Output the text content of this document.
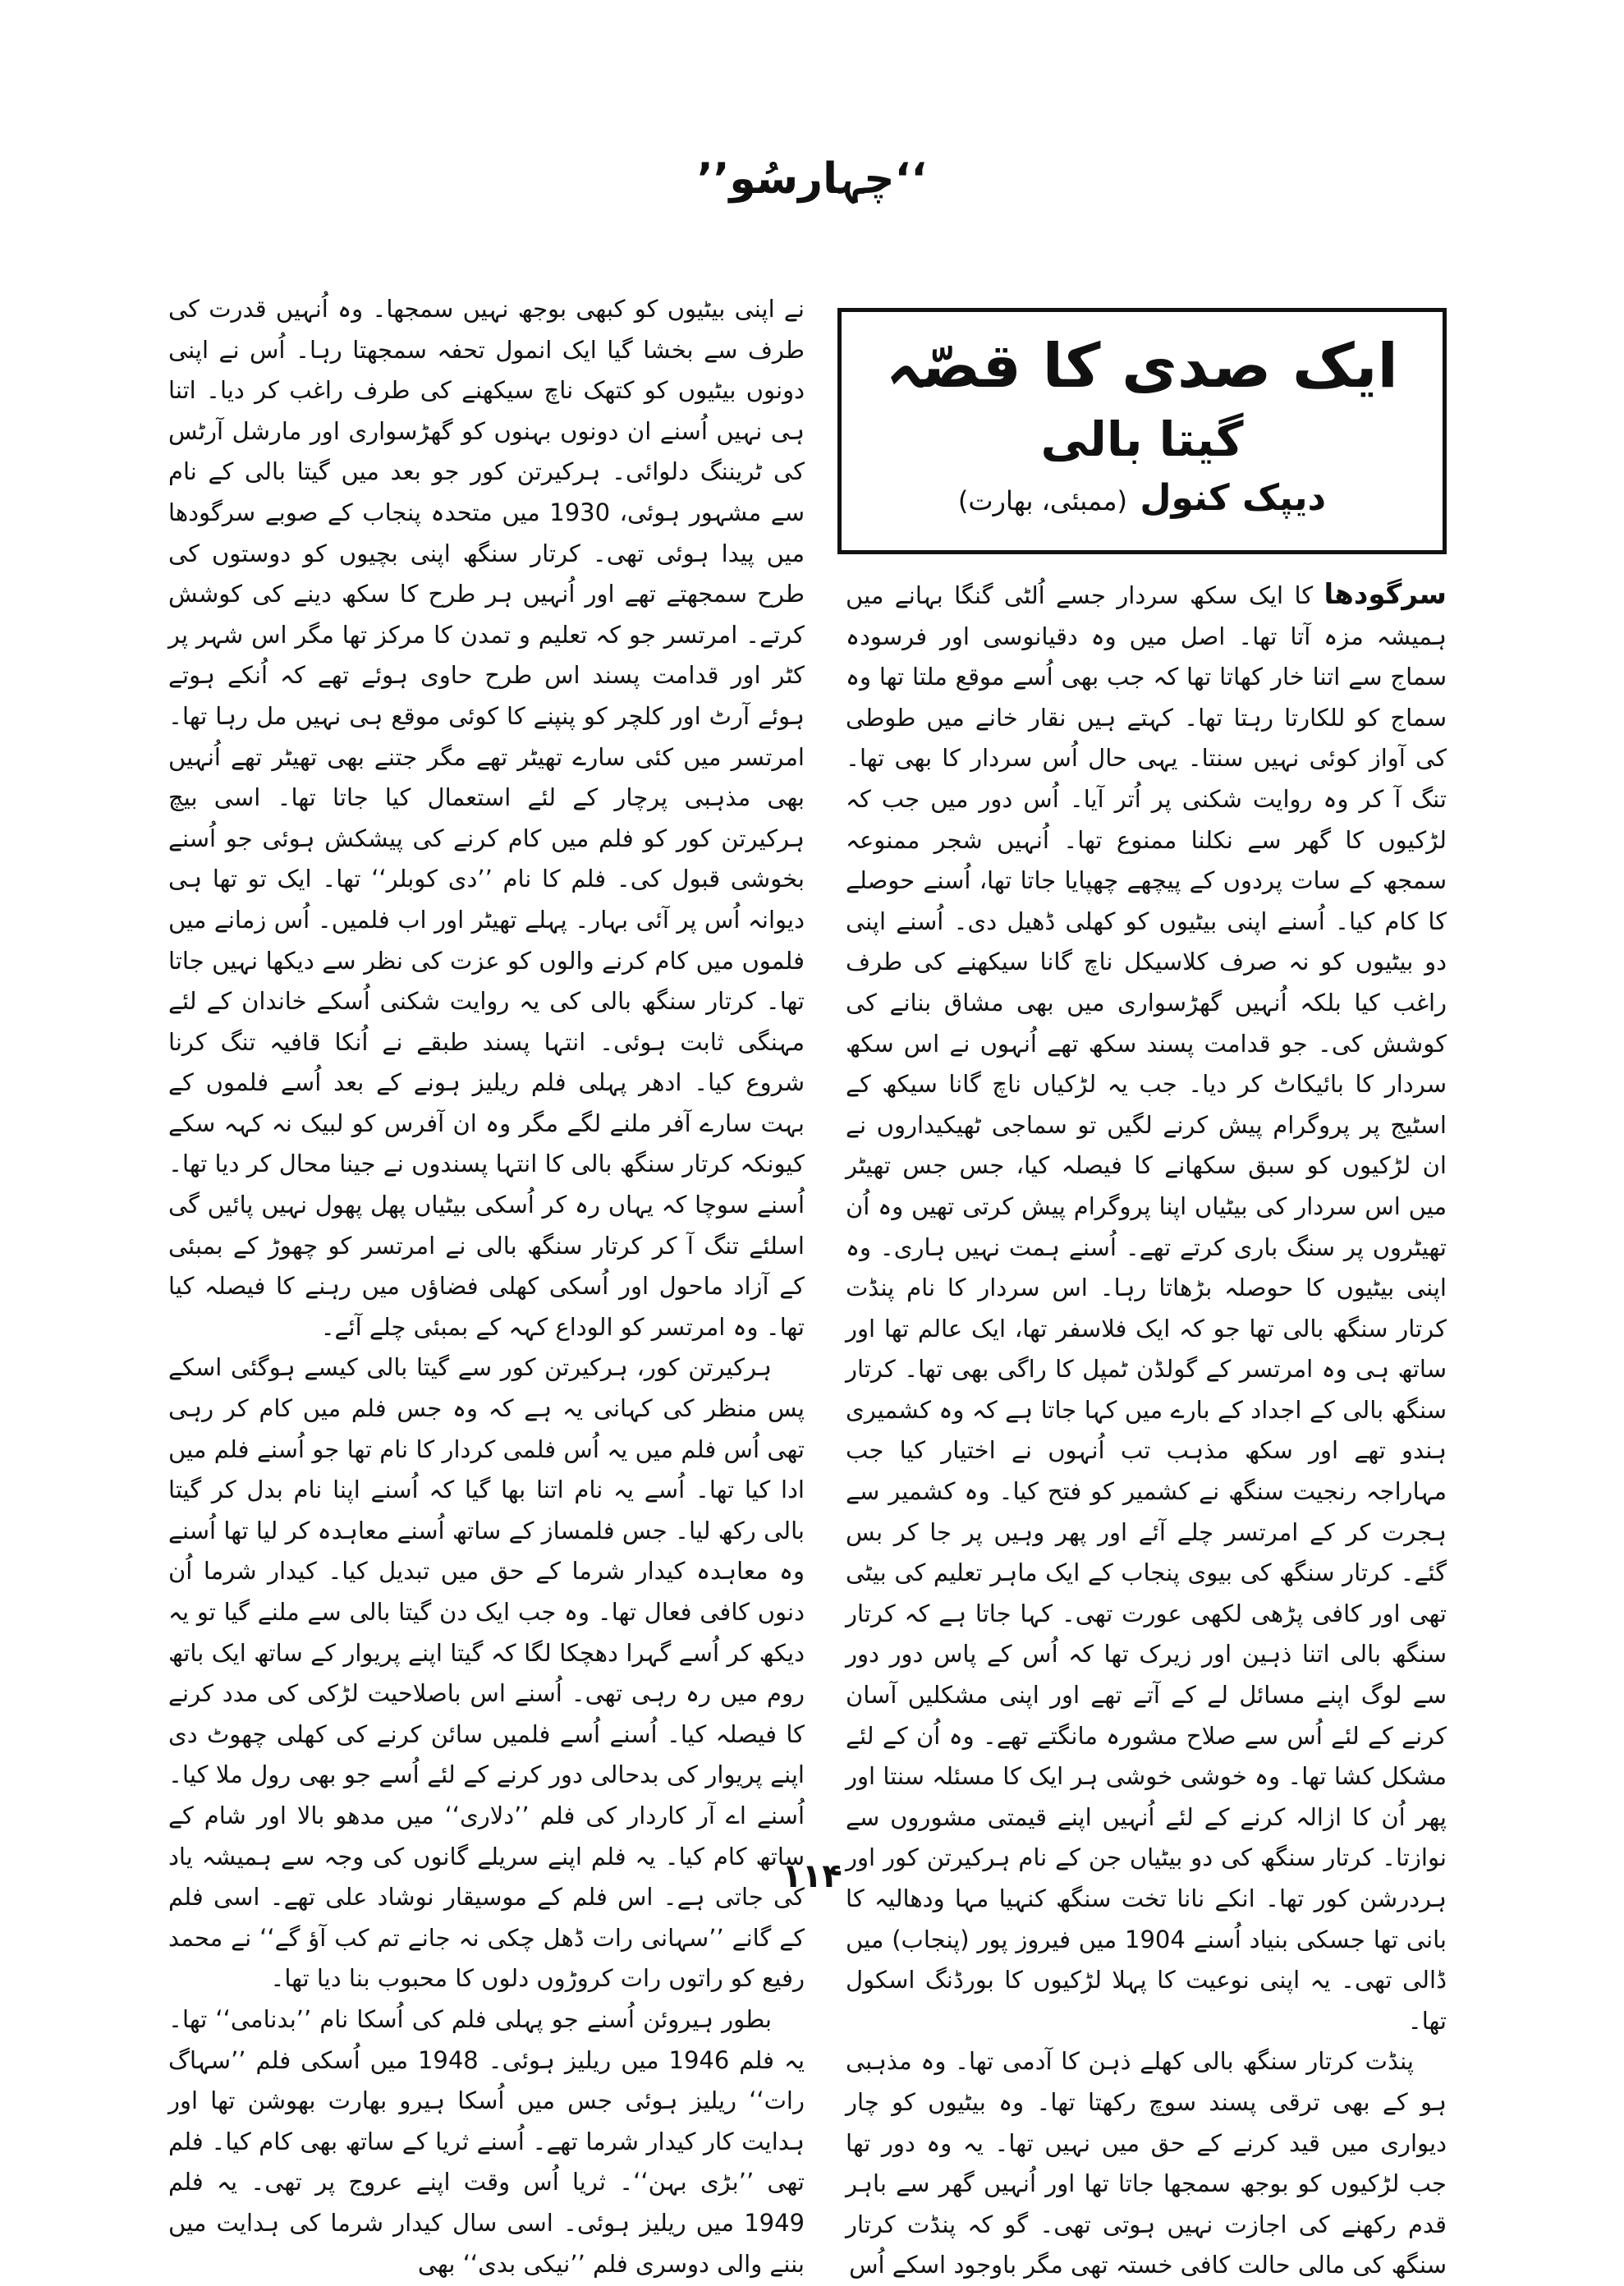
’’چہارسُو‘‘
ایک صدی کا قصّہ
گیتا بالی
دیپک کنول (ممبئی، بھارت)

سرگودھا کا ایک سکھ سردار جسے اُلٹی گنگا بہانے میں ہمیشہ مزہ آتا تھا۔ اصل میں وہ دقیانوسی اور فرسودہ سماج سے اتنا خار کھاتا تھا کہ جب بھی اُسے موقع ملتا تھا وہ سماج کو للکارتا رہتا تھا۔ کہتے ہیں نقار خانے میں طوطی کی آواز کوئی نہیں سنتا۔ یہی حال اُس سردار کا بھی تھا۔ تنگ آ کر وہ روایت شکنی پر اُتر آیا۔ اُس دور میں جب کہ لڑکیوں کا گھر سے نکلنا ممنوع تھا۔ اُنہیں شجر ممنوعہ سمجھ کے سات پردوں کے پیچھے چھپایا جاتا تھا، اُسنے حوصلے کا کام کیا۔ اُسنے اپنی بیٹیوں کو کھلی ڈھیل دی۔ اُسنے اپنی دو بیٹیوں کو نہ صرف کلاسیکل ناچ گانا سیکھنے کی طرف راغب کیا بلکہ اُنہیں گھڑسواری میں بھی مشاق بنانے کی کوشش کی۔ جو قدامت پسند سکھ تھے اُنہوں نے اس سکھ سردار کا بائیکاٹ کر دیا۔ جب یہ لڑکیاں ناچ گانا سیکھ کے اسٹیج پر پروگرام پیش کرنے لگیں تو سماجی ٹھیکیداروں نے ان لڑکیوں کو سبق سکھانے کا فیصلہ کیا، جس جس تھیٹر میں اس سردار کی بیٹیاں اپنا پروگرام پیش کرتی تھیں وہ اُن تھیٹروں پر سنگ باری کرتے تھے۔ اُسنے ہمت نہیں ہاری۔ وہ اپنی بیٹیوں کا حوصلہ بڑھاتا رہا۔ اس سردار کا نام پنڈت کرتار سنگھ بالی تھا جو کہ ایک فلاسفر تھا، ایک عالم تھا اور ساتھ ہی وہ امرتسر کے گولڈن ٹمپل کا راگی بھی تھا۔ کرتار سنگھ بالی کے اجداد کے بارے میں کہا جاتا ہے کہ وہ کشمیری ہندو تھے اور سکھ مذہب تب اُنہوں نے اختیار کیا جب مہاراجہ رنجیت سنگھ نے کشمیر کو فتح کیا۔ وہ کشمیر سے ہجرت کر کے امرتسر چلے آئے اور پھر وہیں پر جا کر بس گئے۔ کرتار سنگھ کی بیوی پنجاب کے ایک ماہر تعلیم کی بیٹی تھی اور کافی پڑھی لکھی عورت تھی۔ کہا جاتا ہے کہ کرتار سنگھ بالی اتنا ذہین اور زیرک تھا کہ اُس کے پاس دور دور سے لوگ اپنے مسائل لے کے آتے تھے اور اپنی مشکلیں آسان کرنے کے لئے اُس سے صلاح مشورہ مانگتے تھے۔ وہ اُن کے لئے مشکل کشا تھا۔ وہ خوشی خوشی ہر ایک کا مسئلہ سنتا اور پھر اُن کا ازالہ کرنے کے لئے اُنہیں اپنے قیمتی مشوروں سے نوازتا۔ کرتار سنگھ کی دو بیٹیاں جن کے نام ہرکیرتن کور اور ہردرشن کور تھا۔ انکے نانا تخت سنگھ کنہیا مہا ودھالیہ کا بانی تھا جسکی بنیاد اُسنے 1904 میں فیروز پور (پنجاب) میں ڈالی تھی۔ یہ اپنی نوعیت کا پہلا لڑکیوں کا بورڈنگ اسکول تھا۔

پنڈت کرتار سنگھ بالی کھلے ذہن کا آدمی تھا۔ وہ مذہبی ہو کے بھی ترقی پسند سوچ رکھتا تھا۔ وہ بیٹیوں کو چار دیواری میں قید کرنے کے حق میں نہیں تھا۔ یہ وہ دور تھا جب لڑکیوں کو بوجھ سمجھا جاتا تھا اور اُنہیں گھر سے باہر قدم رکھنے کی اجازت نہیں ہوتی تھی۔ گو کہ پنڈت کرتار سنگھ کی مالی حالت کافی خستہ تھی مگر باوجود اسکے اُس

نے اپنی بیٹیوں کو کبھی بوجھ نہیں سمجھا۔ وہ اُنہیں قدرت کی طرف سے بخشا گیا ایک انمول تحفہ سمجھتا رہا۔ اُس نے اپنی دونوں بیٹیوں کو کتھک ناچ سیکھنے کی طرف راغب کر دیا۔ اتنا ہی نہیں اُسنے ان دونوں بہنوں کو گھڑسواری اور مارشل آرٹس کی ٹریننگ دلوائی۔ ہرکیرتن کور جو بعد میں گیتا بالی کے نام سے مشہور ہوئی، 1930 میں متحدہ پنجاب کے صوبے سرگودھا میں پیدا ہوئی تھی۔ کرتار سنگھ اپنی بچیوں کو دوستوں کی طرح سمجھتے تھے اور اُنہیں ہر طرح کا سکھ دینے کی کوشش کرتے۔ امرتسر جو کہ تعلیم و تمدن کا مرکز تھا مگر اس شہر پر کٹر اور قدامت پسند اس طرح حاوی ہوئے تھے کہ اُنکے ہوتے ہوئے آرٹ اور کلچر کو پنپنے کا کوئی موقع ہی نہیں مل رہا تھا۔ امرتسر میں کئی سارے تھیٹر تھے مگر جتنے بھی تھیٹر تھے اُنہیں بھی مذہبی پرچار کے لئے استعمال کیا جاتا تھا۔ اسی بیچ ہرکیرتن کور کو فلم میں کام کرنے کی پیشکش ہوئی جو اُسنے بخوشی قبول کی۔ فلم کا نام ’’دی کوبلر‘‘ تھا۔ ایک تو تھا ہی دیوانہ اُس پر آئی بہار۔ پہلے تھیٹر اور اب فلمیں۔ اُس زمانے میں فلموں میں کام کرنے والوں کو عزت کی نظر سے دیکھا نہیں جاتا تھا۔ کرتار سنگھ بالی کی یہ روایت شکنی اُسکے خاندان کے لئے مہنگی ثابت ہوئی۔ انتہا پسند طبقے نے اُنکا قافیہ تنگ کرنا شروع کیا۔ ادھر پہلی فلم ریلیز ہونے کے بعد اُسے فلموں کے بہت سارے آفر ملنے لگے مگر وہ ان آفرس کو لبیک نہ کہہ سکے کیونکہ کرتار سنگھ بالی کا انتہا پسندوں نے جینا محال کر دیا تھا۔ اُسنے سوچا کہ یہاں رہ کر اُسکی بیٹیاں پھل پھول نہیں پائیں گی اسلئے تنگ آ کر کرتار سنگھ بالی نے امرتسر کو چھوڑ کے بمبئی کے آزاد ماحول اور اُسکی کھلی فضاؤں میں رہنے کا فیصلہ کیا تھا۔ وہ امرتسر کو الوداع کہہ کے بمبئی چلے آئے۔

ہرکیرتن کور، ہرکیرتن کور سے گیتا بالی کیسے ہوگئی اسکے پس منظر کی کہانی یہ ہے کہ وہ جس فلم میں کام کر رہی تھی اُس فلم میں یہ اُس فلمی کردار کا نام تھا جو اُسنے فلم میں ادا کیا تھا۔ اُسے یہ نام اتنا بھا گیا کہ اُسنے اپنا نام بدل کر گیتا بالی رکھ لیا۔ جس فلمساز کے ساتھ اُسنے معاہدہ کر لیا تھا اُسنے وہ معاہدہ کیدار شرما کے حق میں تبدیل کیا۔ کیدار شرما اُن دنوں کافی فعال تھا۔ وہ جب ایک دن گیتا بالی سے ملنے گیا تو یہ دیکھ کر اُسے گہرا دھچکا لگا کہ گیتا اپنے پریوار کے ساتھ ایک باتھ روم میں رہ رہی تھی۔ اُسنے اس باصلاحیت لڑکی کی مدد کرنے کا فیصلہ کیا۔ اُسنے اُسے فلمیں سائن کرنے کی کھلی چھوٹ دی اپنے پریوار کی بدحالی دور کرنے کے لئے اُسے جو بھی رول ملا کیا۔ اُسنے اے آر کاردار کی فلم ’’دلاری‘‘ میں مدھو بالا اور شام کے ساتھ کام کیا۔ یہ فلم اپنے سریلے گانوں کی وجہ سے ہمیشہ یاد کی جاتی ہے۔ اس فلم کے موسیقار نوشاد علی تھے۔ اسی فلم کے گانے ’’سہانی رات ڈھل چکی نہ جانے تم کب آؤ گے‘‘ نے محمد رفیع کو راتوں رات کروڑوں دلوں کا محبوب بنا دیا تھا۔

بطور ہیروئن اُسنے جو پہلی فلم کی اُسکا نام ’’بدنامی‘‘ تھا۔ یہ فلم 1946 میں ریلیز ہوئی۔ 1948 میں اُسکی فلم ’’سہاگ رات‘‘ ریلیز ہوئی جس میں اُسکا ہیرو بھارت بھوشن تھا اور ہدایت کار کیدار شرما تھے۔ اُسنے ثریا کے ساتھ بھی کام کیا۔ فلم تھی ’’بڑی بہن‘‘۔ ثریا اُس وقت اپنے عروج پر تھی۔ یہ فلم 1949 میں ریلیز ہوئی۔ اسی سال کیدار شرما کی ہدایت میں بننے والی دوسری فلم ’’نیکی بدی‘‘ بھی

۱۱۴
